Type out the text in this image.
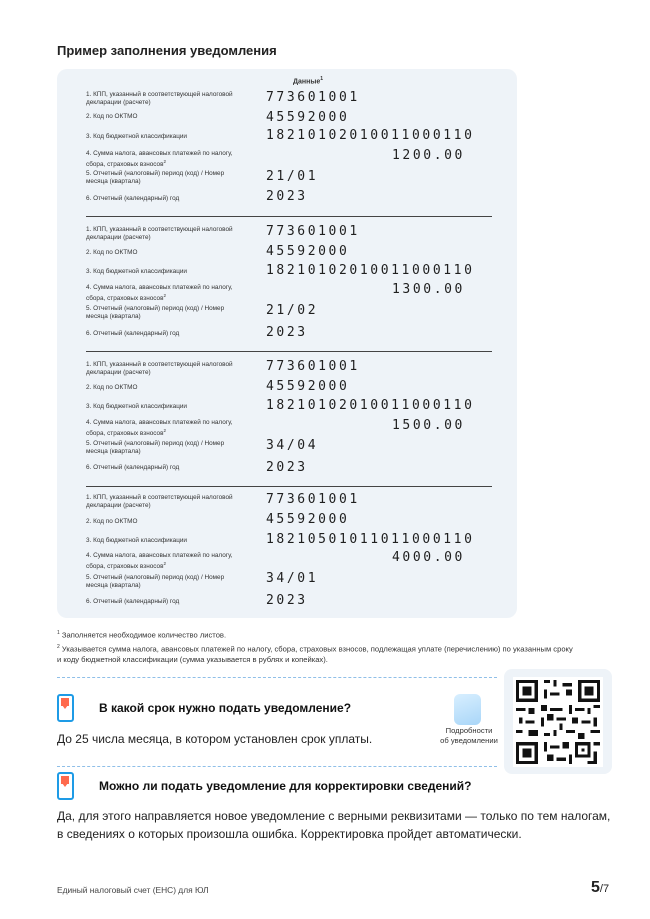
Пример заполнения уведомления
Данные$^1$
1. КПП, указанный в соответствующей налоговой декларации (расчете)	773601001
2. Код по ОКТМО	45592000
3. Код бюджетной классификации	18210102010011000110
4. Сумма налога, авансовых платежей по налогу, сбора, страховых взносов$^2$	1200.00
5. Отчетный (налоговый) период (код) / Номер месяца (квартала)	21/01
6. Отчетный (календарный) год	2023
1. КПП, указанный в соответствующей налоговой декларации (расчете)	773601001
2. Код по ОКТМО	45592000
3. Код бюджетной классификации	18210102010011000110
4. Сумма налога, авансовых платежей по налогу, сбора, страховых взносов$^2$	1300.00
5. Отчетный (налоговый) период (код) / Номер месяца (квартала)	21/02
6. Отчетный (календарный) год	2023
1. КПП, указанный в соответствующей налоговой декларации (расчете)	773601001
2. Код по ОКТМО	45592000
3. Код бюджетной классификации	18210102010011000110
4. Сумма налога, авансовых платежей по налогу, сбора, страховых взносов$^2$	1500.00
5. Отчетный (налоговый) период (код) / Номер месяца (квартала)	34/04
6. Отчетный (календарный) год	2023
1. КПП, указанный в соответствующей налоговой декларации (расчете)	773601001
2. Код по ОКТМО	45592000
3. Код бюджетной классификации	18210501011011000110
4. Сумма налога, авансовых платежей по налогу, сбора, страховых взносов$^2$	4000.00
5. Отчетный (налоговый) период (код) / Номер месяца (квартала)	34/01
6. Отчетный (календарный) год	2023
$^1$ Заполняется необходимое количество листов.
$^2$ Указывается сумма налога, авансовых платежей по налогу, сбора, страховых взносов, подлежащая уплате (перечислению) по указанным сроку и коду бюджетной классификации (сумма указывается в рублях и копейках).
В какой срок нужно подать уведомление?
До 25 числа месяца, в котором установлен срок уплаты.
Подробности
об уведомлении
Можно ли подать уведомление для корректировки сведений?
Да, для этого направляется новое уведомление с верными реквизитами — только по тем налогам, в сведениях о которых произошла ошибка. Корректировка пройдет автоматически.
Единый налоговый счет (ЕНС) для ЮЛ	5/7
